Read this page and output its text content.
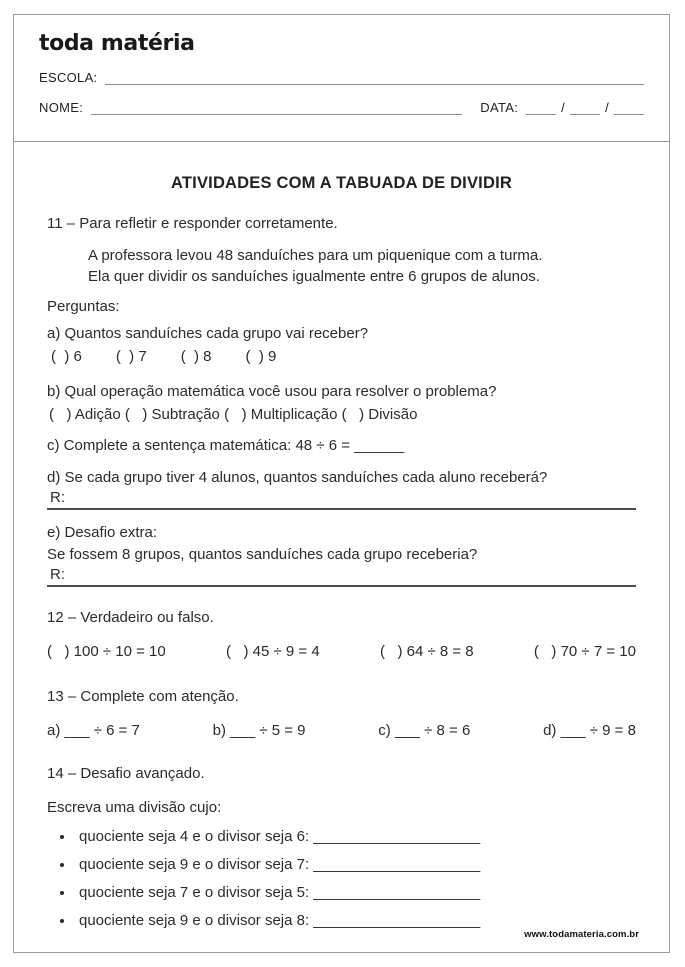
toda matéria
ESCOLA:
NOME:	DATA:	/	/
ATIVIDADES COM A TABUADA DE DIVIDIR

11 – Para refletir e responder corretamente.

A professora levou 48 sanduíches para um piquenique com a turma.

Ela quer dividir os sanduíches igualmente entre 6 grupos de alunos.

Perguntas:

a) Quantos sanduíches cada grupo vai receber?

(  ) 6 (  ) 7 (  ) 8 (  ) 9

b) Qual operação matemática você usou para resolver o problema?

(   ) Adição (   ) Subtração (   ) Multiplicação (   ) Divisão

c) Complete a sentença matemática: 48 ÷ 6 = ______

d) Se cada grupo tiver 4 alunos, quantos sanduíches cada aluno receberá?

R:

e) Desafio extra:

Se fossem 8 grupos, quantos sanduíches cada grupo receberia?

R:

12 – Verdadeiro ou falso.

(   ) 100 ÷ 10 = 10	(   ) 45 ÷ 9 = 4	(   ) 64 ÷ 8 = 8	(   ) 70 ÷ 7 = 10

13 – Complete com atenção.

a) ___ ÷ 6 = 7	b) ___ ÷ 5 = 9	c) ___ ÷ 8 = 6	d) ___ ÷ 9 = 8

14 – Desafio avançado.

Escreva uma divisão cujo:

• quociente seja 4 e o divisor seja 6: ____________________
• quociente seja 9 e o divisor seja 7: ____________________
• quociente seja 7 e o divisor seja 5: ____________________
• quociente seja 9 e o divisor seja 8: ____________________
www.todamateria.com.br
